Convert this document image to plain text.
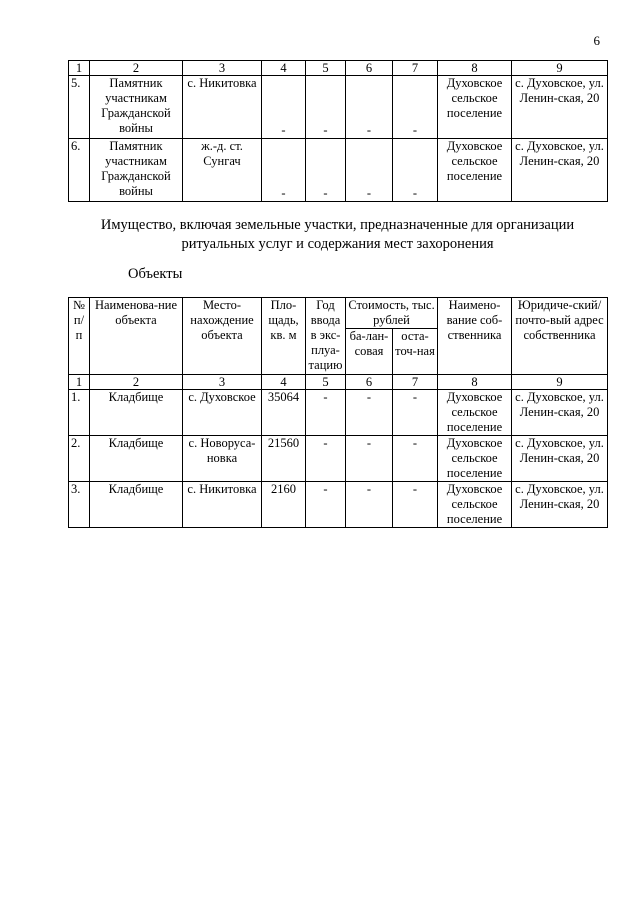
6
1	2	3	4	5	6	7	8	9
5.	Памятник участникам Гражданской войны	с. Никитовка	-	-	-	-	Духовское сельское поселение	с. Духовское, ул. Ленин-ская, 20
6.	Памятник участникам Гражданской войны	ж.-д. ст. Сунгач	-	-	-	-	Духовское сельское поселение	с. Духовское, ул. Ленин-ская, 20
Имущество, включая земельные участки, предназначенные для организации ритуальных услуг и содержания мест захоронения
Объекты
№ п/п	Наименова-ние объекта	Место-нахождение объекта	Пло-щадь, кв. м	Год ввода в экс-плуа-тацию	Стоимость, тыс. рублей		Наимено-вание соб-ственника	Юридиче-ский/почто-вый адрес собственника
					ба-лан-совая	оста-точ-ная		
1	2	3	4	5	6	7	8	9
1.	Кладбище	с. Духовское	35064	-	-	-	Духовское сельское поселение	с. Духовское, ул. Ленин-ская, 20
2.	Кладбище	с. Новоруса-новка	21560	-	-	-	Духовское сельское поселение	с. Духовское, ул. Ленин-ская, 20
3.	Кладбище	с. Никитовка	2160	-	-	-	Духовское сельское поселение	с. Духовское, ул. Ленин-ская, 20
